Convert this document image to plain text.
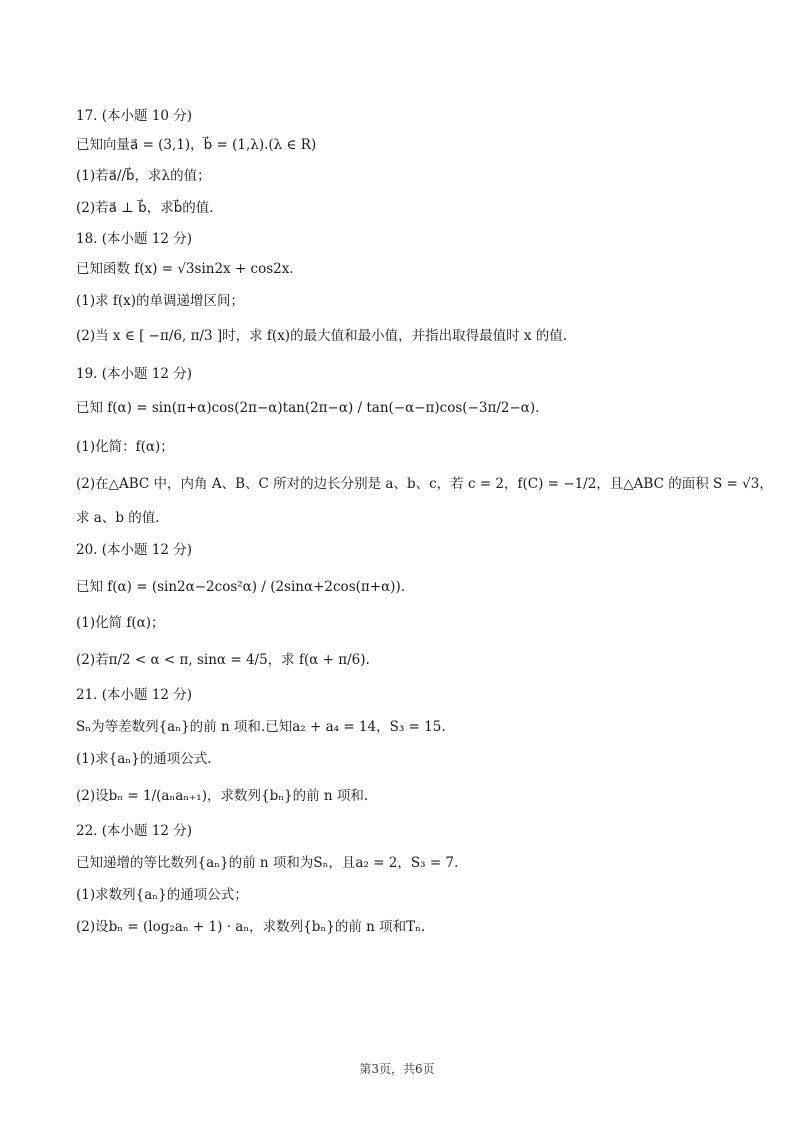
17. (本小题 10 分)
已知向量a⃗ = (3,1)，b⃗ = (1,λ).(λ ∈ R)
(1)若a⃗//b⃗，求λ的值；
(2)若a⃗ ⊥ b⃗，求b⃗的值.
18. (本小题 12 分)
已知函数 f(x) = √3sin2x + cos2x.
(1)求 f(x)的单调递增区间；
(2)当 x ∈ [ −π/6, π/3 ]时，求 f(x)的最大值和最小值，并指出取得最值时 x 的值.
19. (本小题 12 分)
已知 f(α) = sin(π+α)cos(2π−α)tan(2π−α) / tan(−α−π)cos(−3π/2−α).
(1)化简：f(α)；
(2)在△ABC 中，内角 A、B、C 所对的边长分别是 a、b、c，若 c = 2，f(C) = −1/2，且△ABC 的面积 S = √3，
求 a、b 的值.
20. (本小题 12 分)
已知 f(α) = (sin2α−2cos²α) / (2sinα+2cos(π+α)).
(1)化简 f(α)；
(2)若π/2 < α < π, sinα = 4/5，求 f(α + π/6).
21. (本小题 12 分)
Sₙ为等差数列{aₙ}的前 n 项和.已知a₂ + a₄ = 14，S₃ = 15.
(1)求{aₙ}的通项公式.
(2)设bₙ = 1/(aₙaₙ₊₁)，求数列{bₙ}的前 n 项和.
22. (本小题 12 分)
已知递增的等比数列{aₙ}的前 n 项和为Sₙ，且a₂ = 2，S₃ = 7.
(1)求数列{aₙ}的通项公式；
(2)设bₙ = (log₂aₙ + 1) · aₙ，求数列{bₙ}的前 n 项和Tₙ.
第3页，共6页
